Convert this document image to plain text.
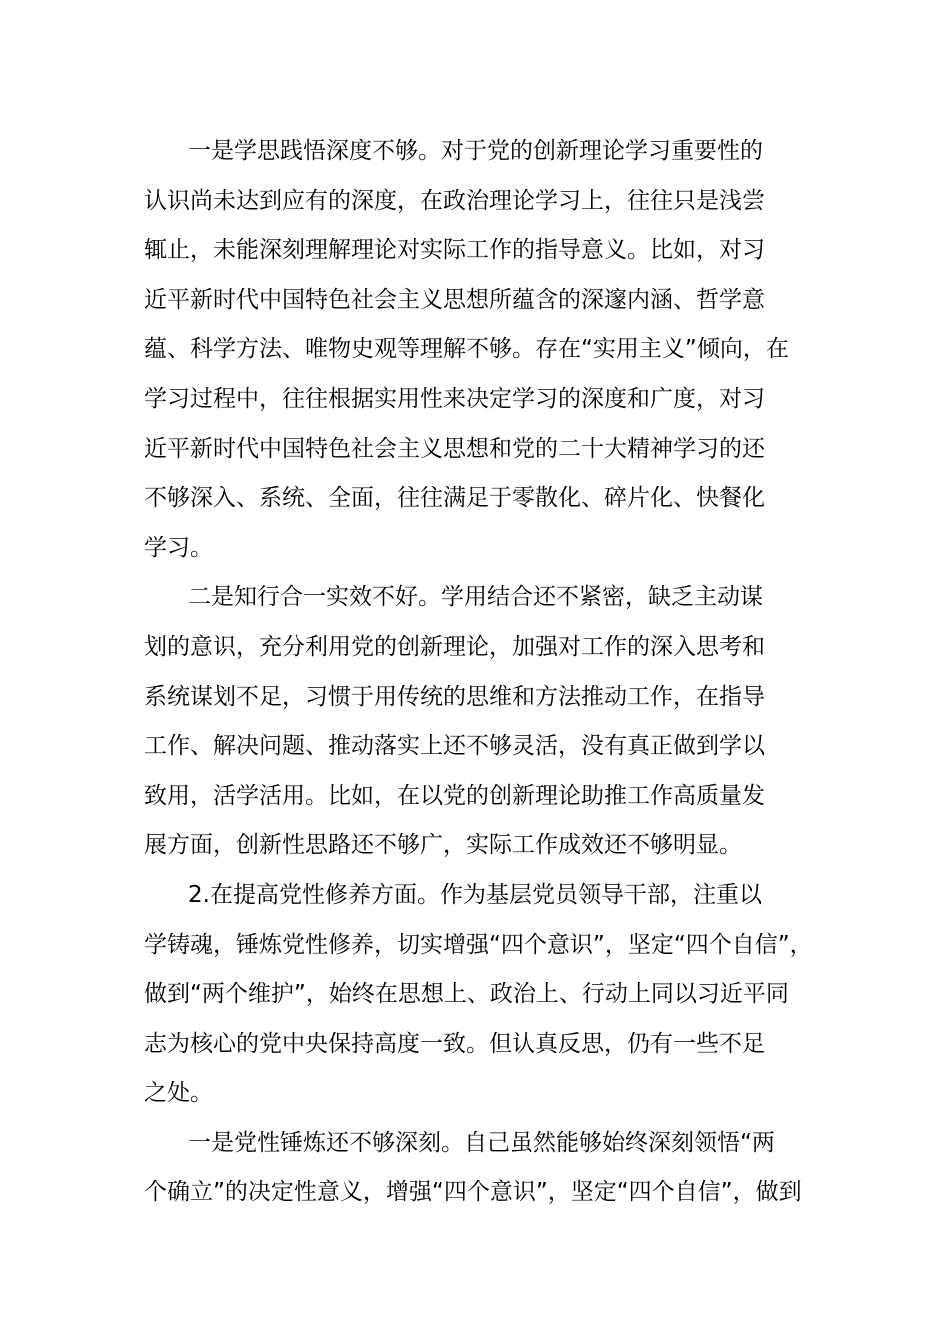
一是学思践悟深度不够。对于党的创新理论学习重要性的
认识尚未达到应有的深度，在政治理论学习上，往往只是浅尝
辄止，未能深刻理解理论对实际工作的指导意义。比如，对习
近平新时代中国特色社会主义思想所蕴含的深邃内涵、哲学意
蕴、科学方法、唯物史观等理解不够。存在“实用主义”倾向，在
学习过程中，往往根据实用性来决定学习的深度和广度，对习
近平新时代中国特色社会主义思想和党的二十大精神学习的还
不够深入、系统、全面，往往满足于零散化、碎片化、快餐化
学习。
二是知行合一实效不好。学用结合还不紧密，缺乏主动谋
划的意识，充分利用党的创新理论，加强对工作的深入思考和
系统谋划不足，习惯于用传统的思维和方法推动工作，在指导
工作、解决问题、推动落实上还不够灵活，没有真正做到学以
致用，活学活用。比如，在以党的创新理论助推工作高质量发
展方面，创新性思路还不够广，实际工作成效还不够明显。
2.在提高党性修养方面。作为基层党员领导干部，注重以
学铸魂，锤炼党性修养，切实增强“四个意识”，坚定“四个自信”，
做到“两个维护”，始终在思想上、政治上、行动上同以习近平同
志为核心的党中央保持高度一致。但认真反思，仍有一些不足
之处。
一是党性锤炼还不够深刻。自己虽然能够始终深刻领悟“两
个确立”的决定性意义，增强“四个意识”，坚定“四个自信”，做到
